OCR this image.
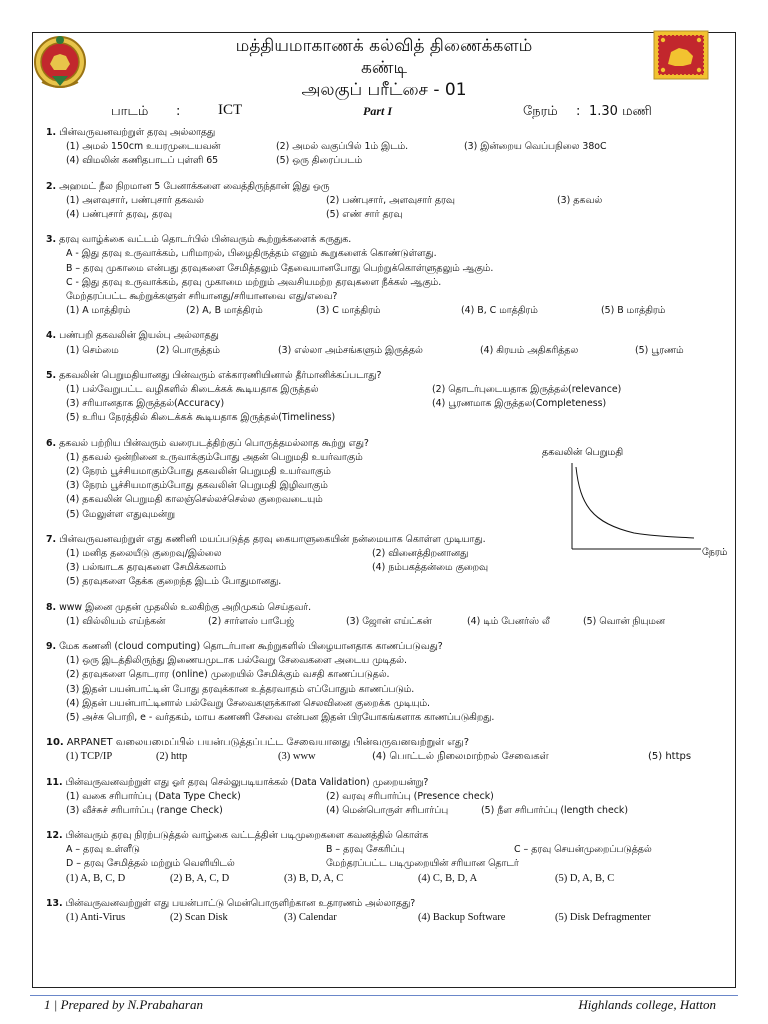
மத்தியமாகாணக் கல்வித் திணைக்களம்
கண்டி
அலகுப் பரீட்சை - 01
பாடம் :	ICT	Part I	நேரம் : 1.30 மணி
1. பின்வருவனவற்றுள் தரவு அல்லாதது
(1) அமல் 150cm உயரமுடையவன்	(2) அமல் வகுப்பில் 1ம் இடம்.	(3) இன்றைய வெப்பநிலை 38oC
(4) விமலின் கணிதபாடப் புள்ளி 65	(5) ஒரு திரைப்படம்
2. அஹமட் நீல நிறமான 5 பேனாக்களை வைத்திருந்தான் இது ஒரு
(1) அளவுசார், பண்புசார் தகவல்	(2) பண்புசார், அளவுசார் தரவு	(3) தகவல்
(4) பண்புசார் தரவு, தரவு	(5) எண் சார் தரவு
3. தரவு வாழ்க்கை வட்டம் தொடர்பில் பின்வரும் கூற்றுக்களைக் கருதுக.
A - இது தரவு உருவாக்கம், பரிமாறல், பிழைதிருத்தம் எனும் கூறுகளைக் கொண்டுள்ளது.
B – தரவு முகாமை என்பது தரவுகளை சேமித்தலும் தேவையானபோது பெற்றுக்கொள்ளுதலும் ஆகும்.
C - இது தரவு உருவாக்கம், தரவு முகாமை மற்றும் அவசியமற்ற தரவுகளை நீக்கல் ஆகும்.
மேற்தரப்பட்ட கூற்றுக்களுள் சரியானது/சரியானவை எது/எவை?
(1) A மாத்திரம்	(2) A, B மாத்திரம்	(3) C மாத்திரம்	(4) B, C மாத்திரம்	(5) B மாத்திரம்
4. பண்பறி தகவலின் இயல்பு அல்லாதது
(1) செம்மை	(2) பொருத்தம்	(3) எல்லா அம்சங்களும் இருத்தல்	(4) கிரயம் அதிகரித்தல	(5) பூரணம்
5. தகவலின் பெறுமதியானது பின்வரும் எக்காரணியினால் தீர்மானிக்கப்படாது?
(1) பல்வேறுபட்ட வழிகளில் கிடைக்கக் கூடியதாக இருத்தல்	(2) தொடர்புடையதாக இருத்தல்(relevance)
(3) சரியானதாக இருத்தல்(Accuracy)	(4) பூரணமாக இருத்தல(Completeness)
(5) உரிய நேரத்தில் கிடைக்கக் கூடியதாக இருத்தல்(Timeliness)
6. தகவல் பற்றிய பின்வரும் வரைபடத்திற்குப் பொருத்தமல்லாத கூற்று எது?
(1) தகவல் ஒன்றினை உருவாக்கும்போது அதன் பெறுமதி உயர்வாகும்
(2) நேரம் பூச்சியமாகும்போது தகவலின் பெறுமதி உயர்வாகும்
(3) நேரம் பூச்சியமாகும்போது தகவலின் பெறுமதி இழிவாகும்
(4) தகவலின் பெறுமதி காலஞ்செல்லச்செல்ல குறைவடையும்
(5) மேலுள்ள எதுவுமன்று
7. பின்வருவனவற்றுள் எது கணினி மயப்படுத்த தரவு கையாளுகையின் நன்மையாக கொள்ள முடியாது.
(1) மனித தலையீடு குறைவு/இல்லை	(2) வினைத்திறனானது
(3) பல்ஙாடக தரவுகளை சேமிக்கலாம்	(4) நம்பகத்தன்மை குறைவு
(5) தரவுகளை தேக்க குறைந்த இடம் போதுமானது.
8. www இனை முதன் முதலில் உலகிற்கு அறிமுகம் செய்தவர்.
(1) வில்லியம் எய்ந்கன்	(2) சார்ளஸ் பாபேஜ்	(3) ஜோன் எய்ட்கன்	(4) டிம் பேனர்ஸ் லீ	(5) வொன் நியுமன
9. மேக கணனி (cloud computing) தொடர்பான கூற்றுகளில் பிழையானதாக காணப்படுவது?
(1) ஒரு இடத்திலிருந்து இணையமுடாக பல்வேறு சேவைகளை அடைய முடிதல்.
(2) தரவுகளை தொடரார (online) முறையில் சேமிக்கும் வசதி காணப்படுதல்.
(3) இதன் பயன்பாட்டின் போது தரவுக்கான உத்தரவாதம் எப்போதும் காணப்படும்.
(4) இதன் பயன்பாட்டினால் பல்வேறு சேவைகளுக்கான செலவினை குறைக்க முடியும்.
(5) அச்சு பொறி, e - வர்தகம், மாய கணணி சேவை என்பன இதன் பிரயோகங்களாக காணப்படுகிறது.
10. ARPANET வலையமைப்பில் பயன்படுத்தப்பட்ட சேவையானது பின்வருவனவற்றுள் எது?
(1) TCP/IP	(2) http	(3) www	(4) பொட்டல் நிலைமாற்றல் சேவைகள்	(5) https
11. பின்வருவனவற்றுள் எது ஓர் தரவு செல்லுபடியாக்கல் (Data Validation) முறையன்று?
(1) வகை சரிபார்ப்பு (Data Type Check)	(2) வரவு சரிபார்ப்பு (Presence check)
(3) வீச்சுச் சரிபார்ப்பு (range Check)	(4) மென்பொருள் சரிபார்ப்பு	(5) நீள சரிபார்ப்பு (length check)
12. பின்வரும் தரவு நிரற்படுத்தல் வாழ்கை வட்டத்தின் படிமுறைகளை கவனத்தில் கொள்க
A – தரவு உள்ளீடு	B – தரவு சேகரிப்பு	C – தரவு செயன்முறைப்படுத்தல்
D – தரவு சேமித்தல் மற்றும் வெளியிடல்	மேற்தரப்பட்ட படிமுறையின் சரியான தொடர்
(1) A, B, C, D	(2) B, A, C, D	(3) B, D, A, C	(4) C, B, D, A	(5) D, A, B, C
13. பின்வருவனவற்றுள் எது பயன்பாட்டு மென்பொருளிற்கான உதாரணம் அல்லாதது?
(1) Anti-Virus	(2) Scan Disk	(3) Calendar	(4) Backup Software	(5) Disk Defragmenter
தகவலின் பெறுமதி
நேரம்
1 | Prepared by N.Prabaharan	Highlands college, Hatton
